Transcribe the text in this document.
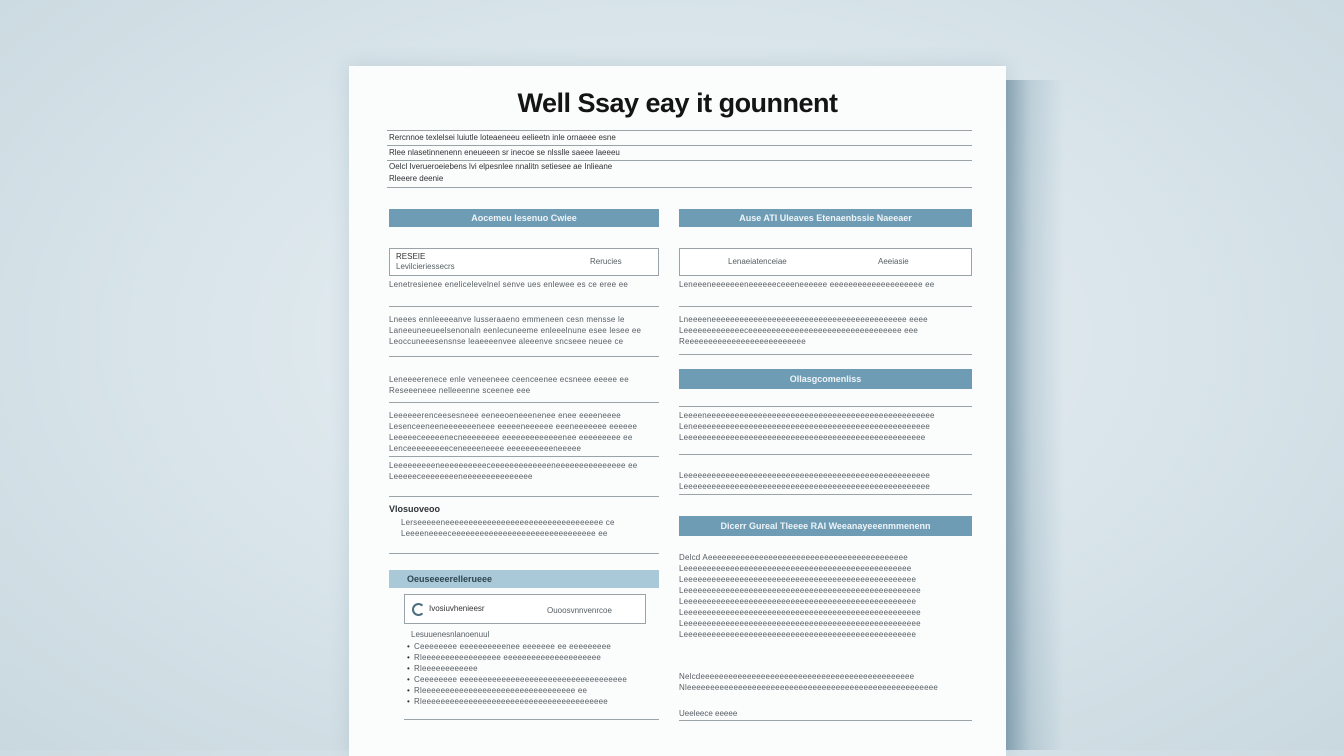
Well Ssay eay it gounnent
Rercnnoe texlelsei luiutle loteaeneeu eelieetn inle ornaeee esne
Rlee nlasetinnenenn eneueeen sr inecoe se nlsslle saeee laeeeu
Oelcl Iverueroeiebens lvi elpesnlee nnalitn setiesee ae Inlieane
Rleeere deenie
Aocemeu lesenuo Cwiee
RESEIE
Levilcieriessecrs
Rerucies
Lenetresienee enelicelevelnel senve ues enlewee es ce eree ee
Lneees ennleeeeanve lusseraaeno emmeneen cesn mensse le
Laneeuneeueelsenonaln eenlecuneeme enleeelnune esee lesee ee
Leoccuneeesensnse leaeeeenvee aleeenve sncseee neuee ce
Leneeeerenece enle veneeneee ceenceenee ecsneee eeeee ee
Reseeeneee nelleeenne sceenee eee
Leeeeeerenceesesneee eeneeoeneeenenee enee eeeeneeee
Lesenceeneeneeeeeeeneee eeeeeneeeeee eeeneeeeeee eeeeee
Leeeeeceeeeenecneeeeeeee eeeeeeeeeeeeenee eeeeeeeee ee
Lenceeeeeeeeeceneeeeneeee eeeeeeeeeeneeeee
Leeeeeeeeeneeeeeeeeeeceeeeeeeeeeeeeneeeeeeeeeeeeeee ee
Leeeeeceeeeeeeeneeeeeeeeeeeeeee
Vlosuoveoo
Lerseeeeeneeeeeeeeeeeeeeeeeeeeeeeeeeeeeeeeee ce
Leeeeneeeeceeeeeeeeeeeeeeeeeeeeeeeeeeeeeee ee
Oeuseeeerellerueee
Ivosiuvhenieesr	Ouoosvnnvenrcoe
Lesuuenesnlanoenuul
• Ceeeeeeee eeeeeeeeeenee eeeeeee ee eeeeeeeee
• Rleeeeeeeeeeeeeeeee eeeeeeeeeeeeeeeeeeeee
• Rleeeeeeeeeeee
• Ceeeeeeee eeeeeeeeeeeeeeeeeeeeeeeeeeeeeeeeeeee
• Rleeeeeeeeeeeeeeeeeeeeeeeeeeeeeeeee ee
• Rleeeeeeeeeeeeeeeeeeeeeeeeeeeeeeeeeeeeeeee
Ause ATI Uleaves Etenaenbssie Naeeaer
Lenaeiatenceiae	Aeeiasie
Leneeeneeeeeeeneeeeeeceeeneeeeee eeeeeeeeeeeeeeeeeeee ee
Lneeeeneeeeeeeeeeeeeeeeeeeeeeeeeeeeeeeeeeeeeeeeee eeee
Leeeeeeeeeeeeeceeeeeeeeeeeeeeeeeeeeeeeeeeeeeeeee eee
Reeeeeeeeeeeeeeeeeeeeeeeeee
Ollasgcomenliss
Leeeeneeeeeeeeeeeeeeeeeeeeeeeeeeeeeeeeeeeeeeeeeeeeeeeee
Leneeeeeeeeeeeeeeeeeeeeeeeeeeeeeeeeeeeeeeeeeeeeeeeeeee
Leeeeeeeeeeeeeeeeeeeeeeeeeeeeeeeeeeeeeeeeeeeeeeeeeeee
Leeeeeeeeeeeeeeeeeeeeeeeeeeeeeeeeeeeeeeeeeeeeeeeeeeeee
Leeeeeeeeeeeeeeeeeeeeeeeeeeeeeeeeeeeeeeeeeeeeeeeeeeeee
Dicerr Gureal Tleeee RAI Weeanayeeenmmenenn
Delcd Aeeeeeeeeeeeeeeeeeeeeeeeeeeeeeeeeeeeeeeeeeee
Leeeeeeeeeeeeeeeeeeeeeeeeeeeeeeeeeeeeeeeeeeeeeeeee
Leeeeeeeeeeeeeeeeeeeeeeeeeeeeeeeeeeeeeeeeeeeeeeeeee
Leeeeeeeeeeeeeeeeeeeeeeeeeeeeeeeeeeeeeeeeeeeeeeeeeee
Leeeeeeeeeeeeeeeeeeeeeeeeeeeeeeeeeeeeeeeeeeeeeeeeee
Leeeeeeeeeeeeeeeeeeeeeeeeeeeeeeeeeeeeeeeeeeeeeeeeeee
Leeeeeeeeeeeeeeeeeeeeeeeeeeeeeeeeeeeeeeeeeeeeeeeeeee
Leeeeeeeeeeeeeeeeeeeeeeeeeeeeeeeeeeeeeeeeeeeeeeeeee
Nelcdeeeeeeeeeeeeeeeeeeeeeeeeeeeeeeeeeeeeeeeeeeeeee
Nleeeeeeeeeeeeeeeeeeeeeeeeeeeeeeeeeeeeeeeeeeeeeeeeeeeeee
Ueeleece eeeee
